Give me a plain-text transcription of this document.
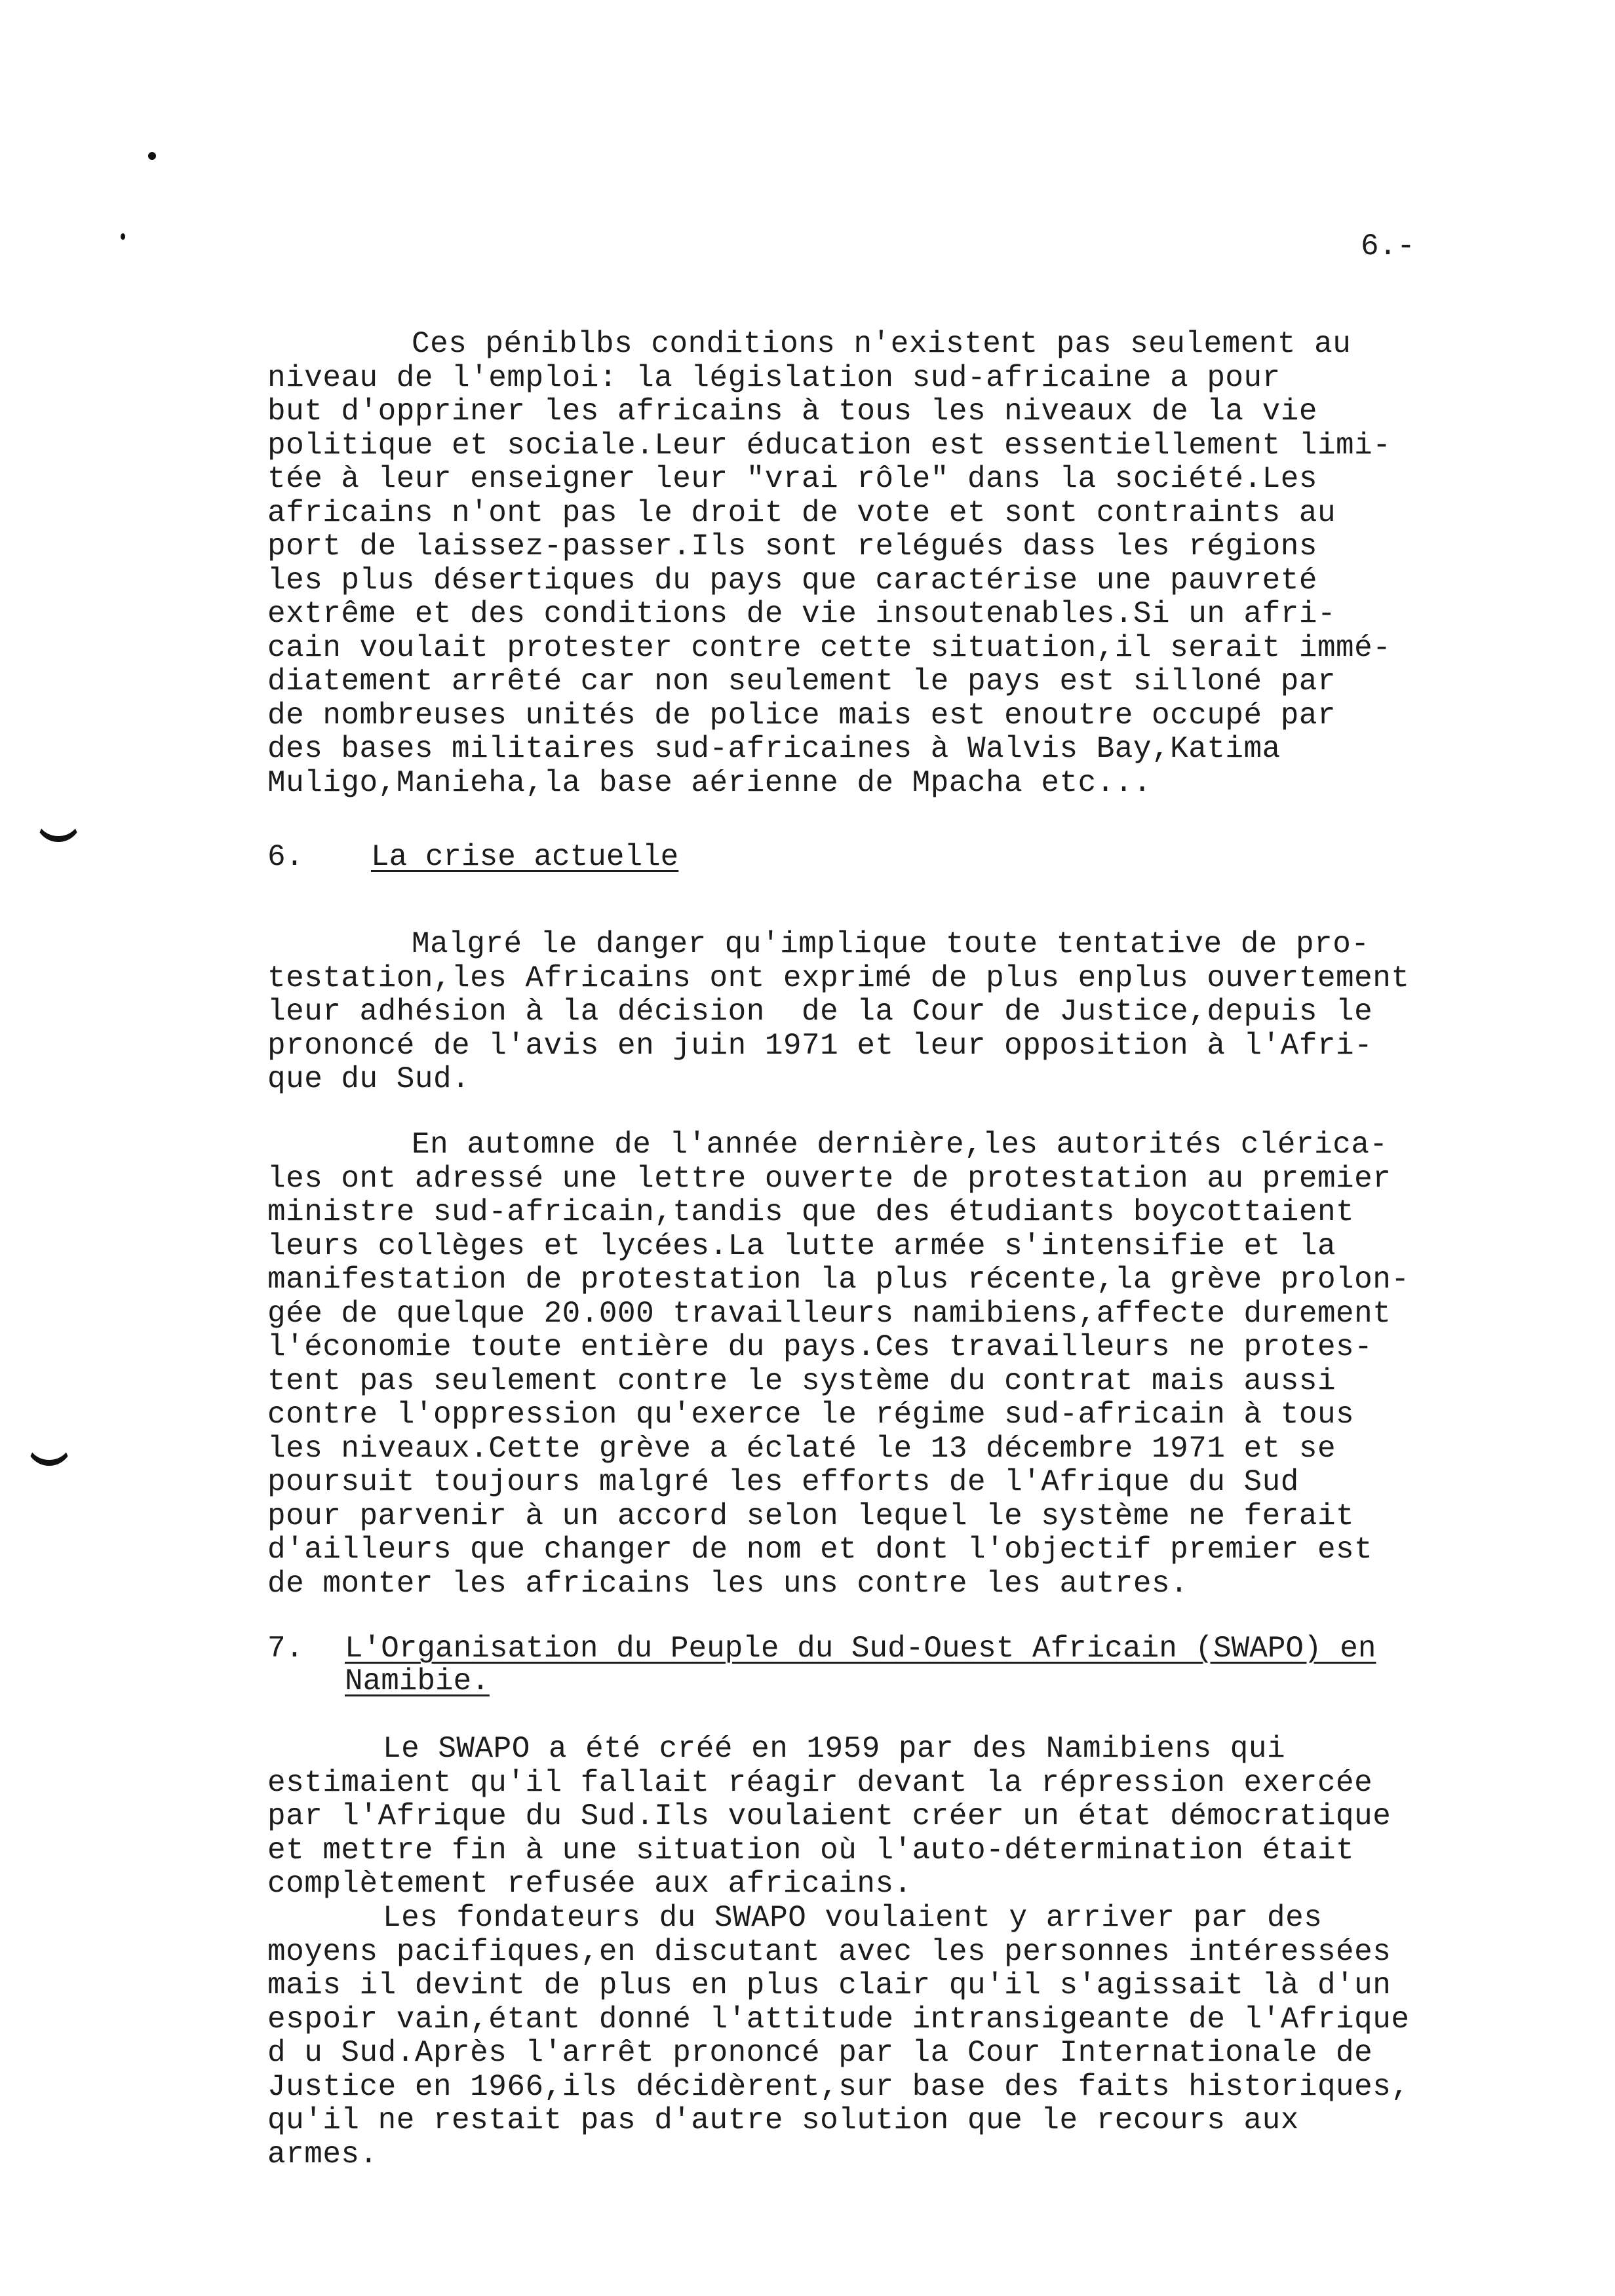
6.-
Ces péniblbs conditions n'existent pas seulement au
niveau de l'emploi: la législation sud-africaine a pour
but d'oppriner les africains à tous les niveaux de la vie
politique et sociale.Leur éducation est essentiellement limi-
tée à leur enseigner leur "vrai rôle" dans la société.Les
africains n'ont pas le droit de vote et sont contraints au
port de laissez-passer.Ils sont relégués dass les régions
les plus désertiques du pays que caractérise une pauvreté
extrême et des conditions de vie insoutenables.Si un afri-
cain voulait protester contre cette situation,il serait immé-
diatement arrêté car non seulement le pays est silloné par
de nombreuses unités de police mais est enoutre occupé par
des bases militaires sud-africaines à Walvis Bay,Katima
Muligo,Manieha,la base aérienne de Mpacha etc...

6.

La crise actuelle

Malgré le danger qu'implique toute tentative de pro-
testation,les Africains ont exprimé de plus enplus ouvertement
leur adhésion à la décision  de la Cour de Justice,depuis le
prononcé de l'avis en juin 1971 et leur opposition à l'Afri-
que du Sud.
En automne de l'année dernière,les autorités cléricа-
les ont adressé une lettre ouverte de protestation au premier
ministre sud-africain,tandis que des étudiants boycottaient
leurs collèges et lycées.La lutte armée s'intensifie et la
manifestation de protestation la plus récente,la grève prolon-
gée de quelque 20.000 travailleurs namibiens,affecte durement
l'économie toute entière du pays.Ces travailleurs ne protes-
tent pas seulement contre le système du contrat mais aussi
contre l'oppression qu'exerce le régime sud-africain à tous
les niveaux.Cette grève a éclaté le 13 décembre 1971 et se
poursuit toujours malgré les efforts de l'Afrique du Sud
pour parvenir à un accord selon lequel le système ne ferait
d'ailleurs que changer de nom et dont l'objectif premier est
de monter les africains les uns contre les autres.

7.

L'Organisation du Peuple du Sud-Ouest Africain (SWAPO) en

Namibie.

Le SWAPO a été créé en 1959 par des Namibiens qui
estimaient qu'il fallait réagir devant la répression exercée
par l'Afrique du Sud.Ils voulaient créer un état démocratique
et mettre fin à une situation où l'auto-détermination était
complètement refusée aux africains.
Les fondateurs du SWAPO voulaient y arriver par des
moyens pacifiques,en discutant avec les personnes intéressées
mais il devint de plus en plus clair qu'il s'agissait là d'un
espoir vain,étant donné l'attitude intransigeante de l'Afrique
d u Sud.Après l'arrêt prononcé par la Cour Internationale de
Justice en 1966,ils décidèrent,sur base des faits historiques,
qu'il ne restait pas d'autre solution que le recours aux
armes.
